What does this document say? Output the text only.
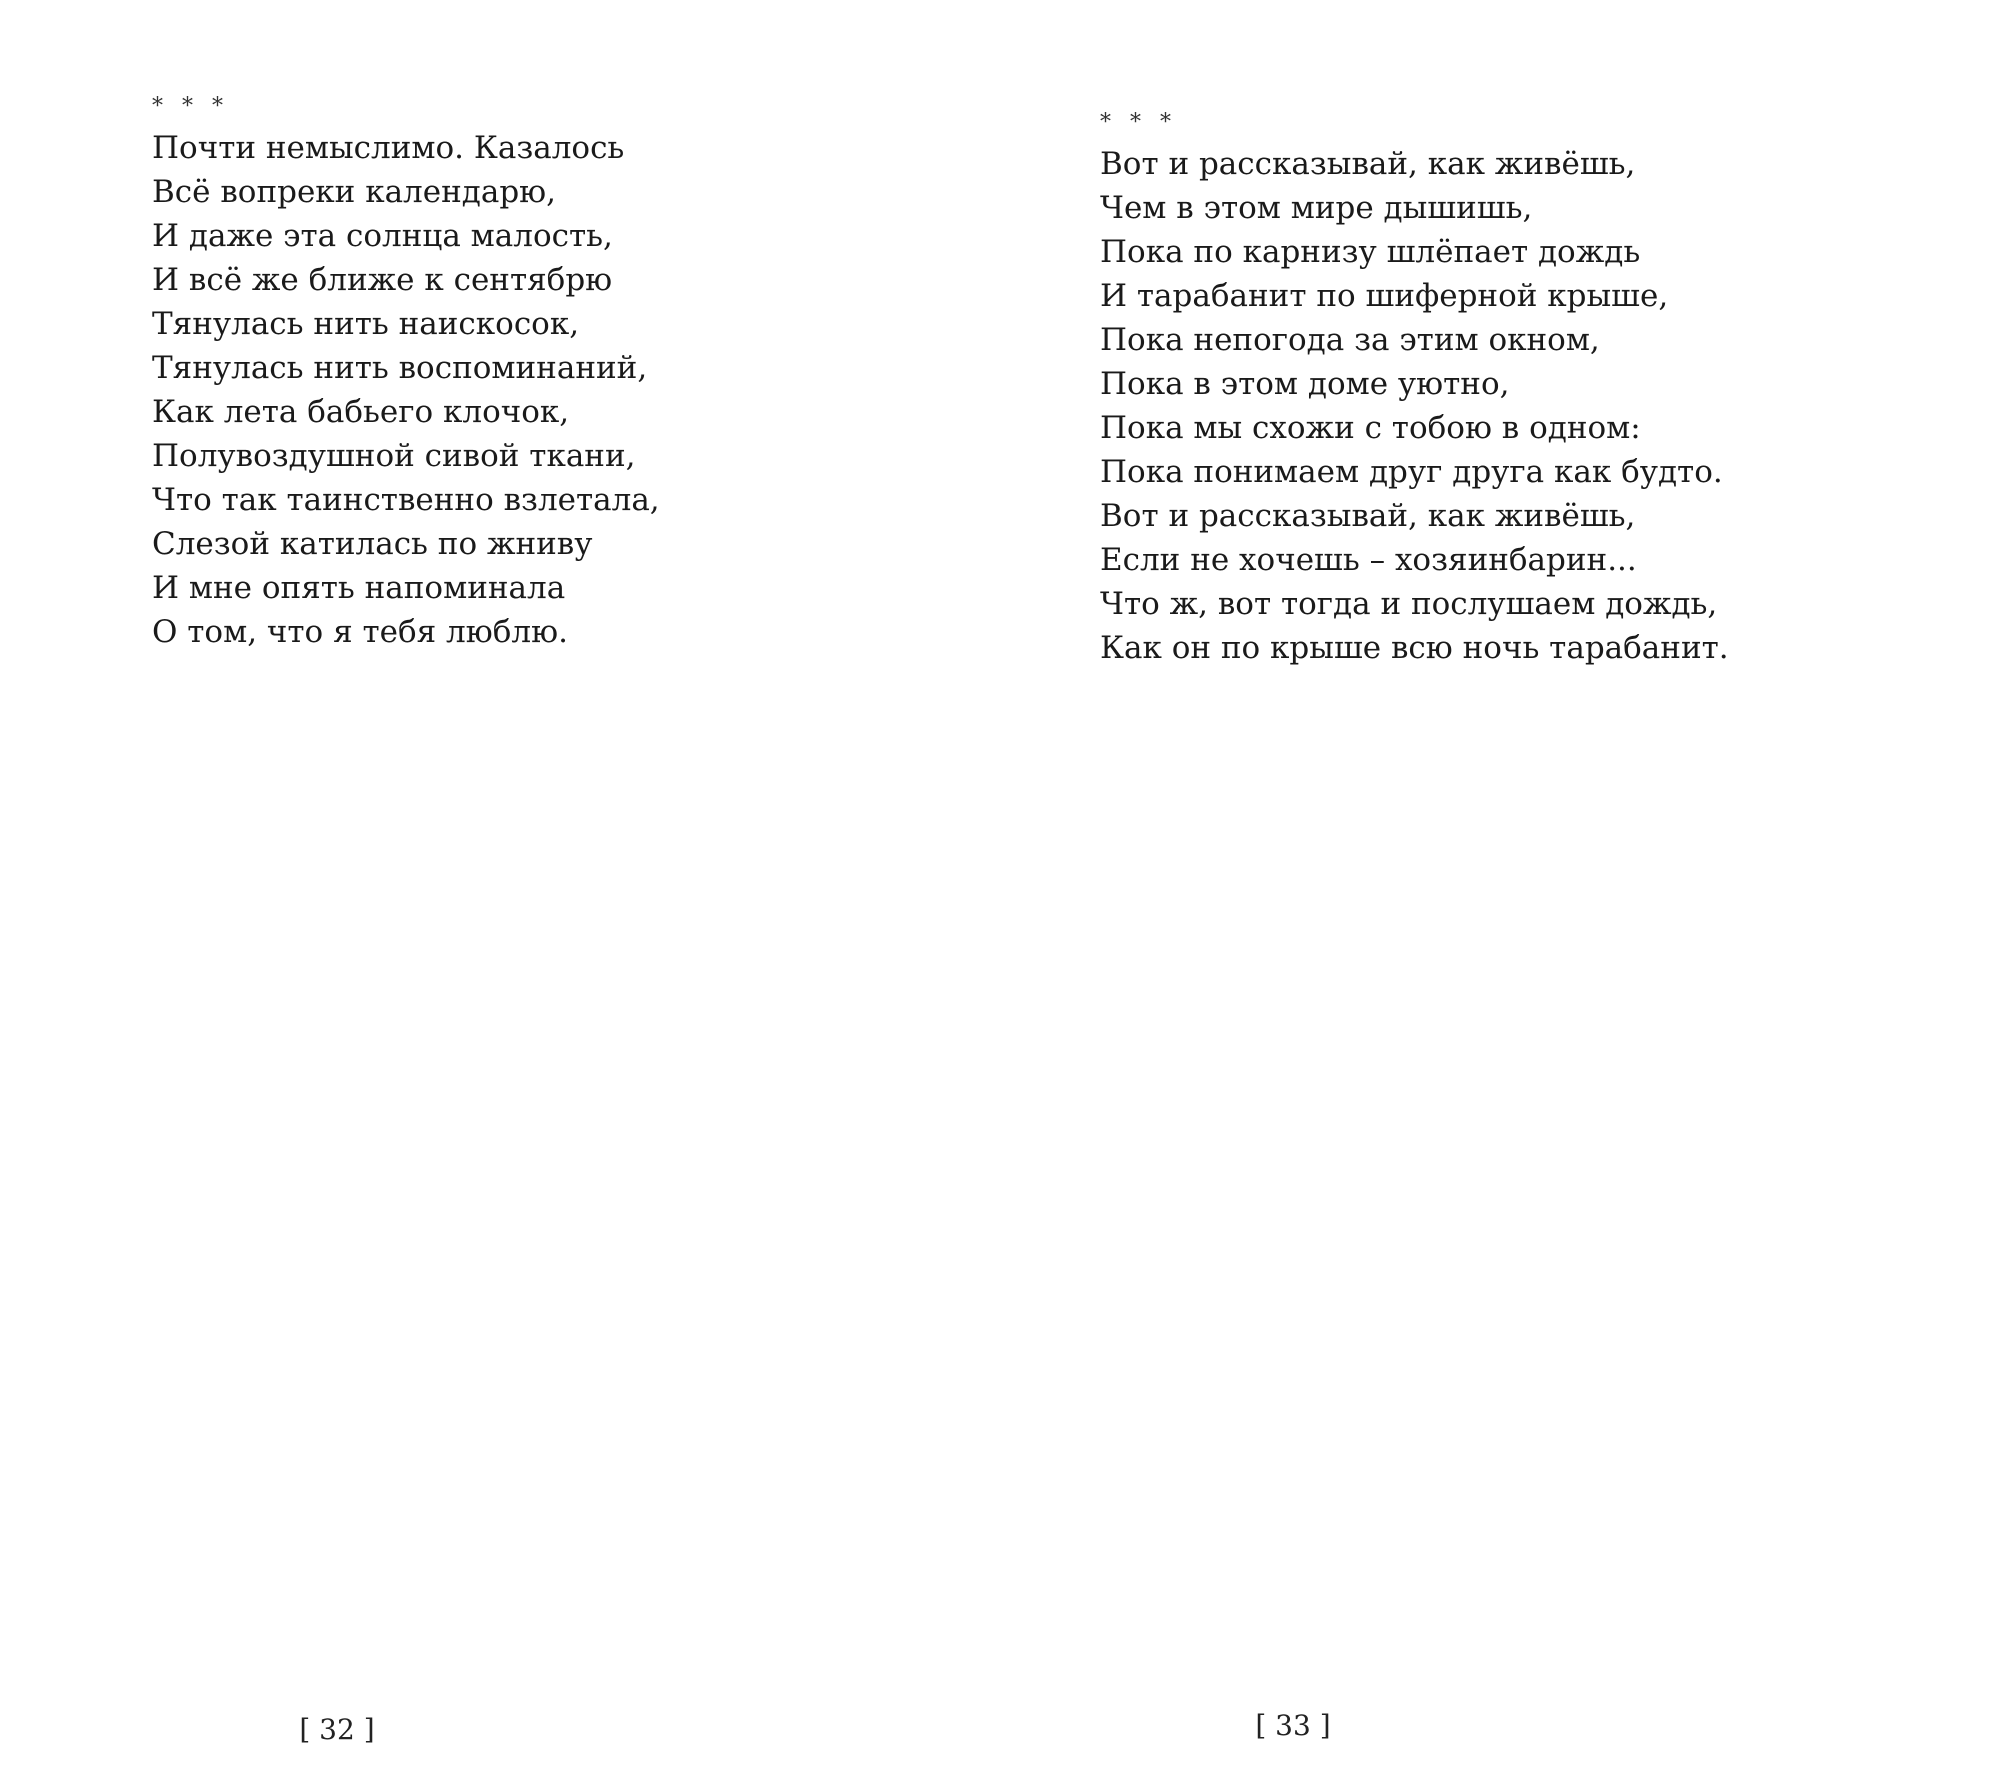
* * *
Почти немыслимо. Казалось
Всё вопреки календарю,
И даже эта солнца малость,
И всё же ближе к сентябрю
Тянулась нить наискосок,
Тянулась нить воспоминаний,
Как лета бабьего клочок,
Полувоздушной сивой ткани,
Что так таинственно взлетала,
Слезой катилась по жниву
И мне опять напоминала
О том, что я тебя люблю.
[ 32 ]
* * *
Вот и рассказывай, как живёшь,
Чем в этом мире дышишь,
Пока по карнизу шлёпает дождь
И тарабанит по шиферной крыше,
Пока непогода за этим окном,
Пока в этом доме уютно,
Пока мы схожи с тобою в одном:
Пока понимаем друг друга как будто.
Вот и рассказывай, как живёшь,
Если не хочешь – хозяинбарин...
Что ж, вот тогда и послушаем дождь,
Как он по крыше всю ночь тарабанит.
[ 33 ]
